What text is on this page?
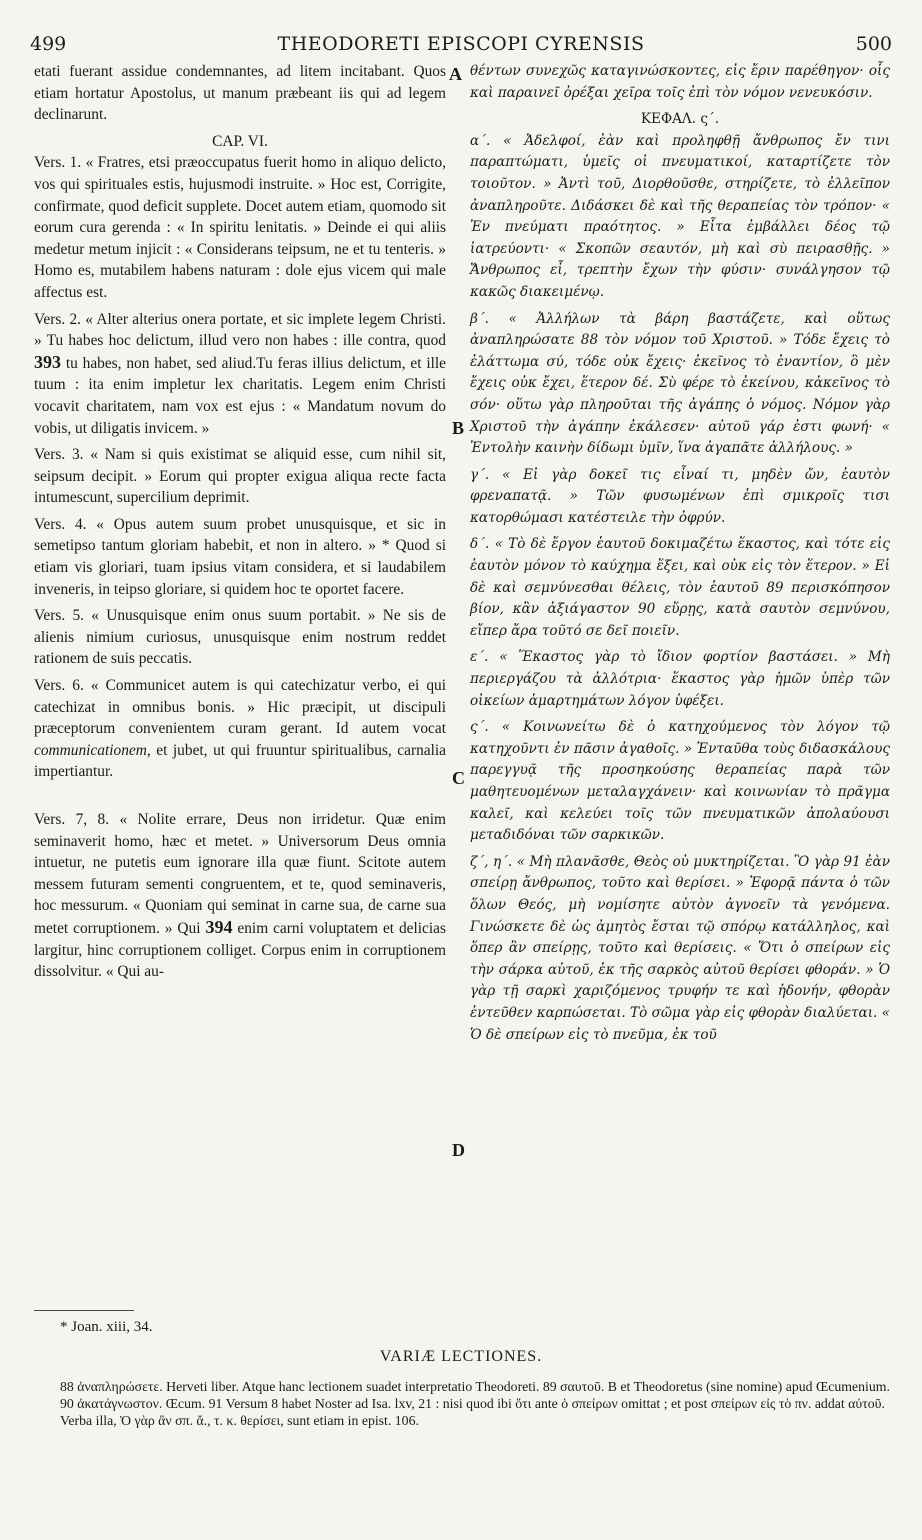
499	THEODORETI EPISCOPI CYRENSIS	500
A
B
C
D

etati fuerant assidue condemnantes, ad litem incitabant. Quos etiam hortatur Apostolus, ut manum præbeant iis qui ad legem declinarunt.

CAP. VI.

Vers. 1. « Fratres, etsi præoccupatus fuerit homo in aliquo delicto, vos qui spirituales estis, hujusmodi instruite. » Hoc est, Corrigite, confirmate, quod deficit supplete. Docet autem etiam, quomodo sit eorum cura gerenda : « In spiritu lenitatis. » Deinde ei qui aliis medetur metum injicit : « Considerans teipsum, ne et tu tenteris. » Homo es, mutabilem habens naturam : dole ejus vicem qui male affectus est.

Vers. 2. « Alter alterius onera portate, et sic implete legem Christi. » Tu habes hoc delictum, illud vero non habes : ille contra, quod 393 tu habes, non habet, sed aliud.Tu feras illius delictum, et ille tuum : ita enim impletur lex charitatis. Legem enim Christi vocavit charitatem, nam vox est ejus : « Mandatum novum do vobis, ut diligatis invicem. »

Vers. 3. « Nam si quis existimat se aliquid esse, cum nihil sit, seipsum decipit. » Eorum qui propter exigua aliqua recte facta intumescunt, supercilium deprimit.

Vers. 4. « Opus autem suum probet unusquisque, et sic in semetipso tantum gloriam habebit, et non in altero. » * Quod si etiam vis gloriari, tuam ipsius vitam considera, et si laudabilem inveneris, in teipso gloriare, si quidem hoc te oportet facere.

Vers. 5. « Unusquisque enim onus suum portabit. » Ne sis de alienis nimium curiosus, unusquisque enim nostrum reddet rationem de suis peccatis.

Vers. 6. « Communicet autem is qui catechizatur verbo, ei qui catechizat in omnibus bonis. » Hic præcipit, ut discipuli præceptorum convenientem curam gerant. Id autem vocat communicationem, et jubet, ut qui fruuntur spiritualibus, carnalia impertiantur.

Vers. 7, 8. « Nolite errare, Deus non irridetur. Quæ enim seminaverit homo, hæc et metet. » Universorum Deus omnia intuetur, ne putetis eum ignorare illa quæ fiunt. Scitote autem messem futuram sementi congruentem, et te, quod seminaveris, hoc messurum. « Quoniam qui seminat in carne sua, de carne sua metet corruptionem. » Qui 394 enim carni voluptatem et delicias largitur, hinc corruptionem colliget. Corpus enim in corruptionem dissolvitur. « Qui au-

θέντων συνεχῶς καταγινώσκοντες, εἰς ἔριν παρέθηγον· οἷς καὶ παραινεῖ ὀρέξαι χεῖρα τοῖς ἐπὶ τὸν νόμον νενευκόσιν.

ΚΕΦΑΛ. ς΄.

α΄. « Ἀδελφοί, ἐὰν καὶ προληφθῇ ἄνθρωπος ἔν τινι παραπτώματι, ὑμεῖς οἱ πνευματικοί, καταρτίζετε τὸν τοιοῦτον. » Ἀντὶ τοῦ, Διορθοῦσθε, στηρίζετε, τὸ ἐλλεῖπον ἀναπληροῦτε. Διδάσκει δὲ καὶ τῆς θεραπείας τὸν τρόπον· « Ἐν πνεύματι πραότητος. » Εἶτα ἐμβάλλει δέος τῷ ἰατρεύοντι· « Σκοπῶν σεαυτόν, μὴ καὶ σὺ πειρασθῇς. » Ἄνθρωπος εἶ, τρεπτὴν ἔχων τὴν φύσιν· συνάλγησον τῷ κακῶς διακειμένῳ.

β΄. « Ἀλλήλων τὰ βάρη βαστάζετε, καὶ οὕτως ἀναπληρώσατε 88 τὸν νόμον τοῦ Χριστοῦ. » Τόδε ἔχεις τὸ ἐλάττωμα σύ, τόδε οὐκ ἔχεις· ἐκεῖνος τὸ ἐναντίον, ὃ μὲν ἔχεις οὐκ ἔχει, ἕτερον δέ. Σὺ φέρε τὸ ἐκείνου, κἀκεῖνος τὸ σόν· οὕτω γὰρ πληροῦται τῆς ἀγάπης ὁ νόμος. Νόμον γὰρ Χριστοῦ τὴν ἀγάπην ἐκάλεσεν· αὐτοῦ γάρ ἐστι φωνή· « Ἐντολὴν καινὴν δίδωμι ὑμῖν, ἵνα ἀγαπᾶτε ἀλλήλους. »

γ΄. « Εἰ γὰρ δοκεῖ τις εἶναί τι, μηδὲν ὤν, ἑαυτὸν φρεναπατᾷ. » Τῶν φυσωμένων ἐπὶ σμικροῖς τισι κατορθώμασι κατέστειλε τὴν ὀφρύν.

δ΄. « Τὸ δὲ ἔργον ἑαυτοῦ δοκιμαζέτω ἕκαστος, καὶ τότε εἰς ἑαυτὸν μόνον τὸ καύχημα ἕξει, καὶ οὐκ εἰς τὸν ἕτερον. » Εἰ δὲ καὶ σεμνύνεσθαι θέλεις, τὸν ἑαυτοῦ 89 περισκόπησον βίον, κἂν ἀξιάγαστον 90 εὕρῃς, κατὰ σαυτὸν σεμνύνου, εἴπερ ἄρα τοῦτό σε δεῖ ποιεῖν.

ε΄. « Ἕκαστος γὰρ τὸ ἴδιον φορτίον βαστάσει. » Μὴ περιεργάζου τὰ ἀλλότρια· ἕκαστος γὰρ ἡμῶν ὑπὲρ τῶν οἰκείων ἁμαρτημάτων λόγον ὑφέξει.

ς΄. « Κοινωνείτω δὲ ὁ κατηχούμενος τὸν λόγον τῷ κατηχοῦντι ἐν πᾶσιν ἀγαθοῖς. » Ἐνταῦθα τοὺς διδασκάλους παρεγγυᾷ τῆς προσηκούσης θεραπείας παρὰ τῶν μαθητευομένων μεταλαγχάνειν· καὶ κοινωνίαν τὸ πρᾶγμα καλεῖ, καὶ κελεύει τοῖς τῶν πνευματικῶν ἀπολαύουσι μεταδιδόναι τῶν σαρκικῶν.

ζ΄, η΄. « Μὴ πλανᾶσθε, Θεὸς οὐ μυκτηρίζεται. Ὃ γὰρ 91 ἐὰν σπείρῃ ἄνθρωπος, τοῦτο καὶ θερίσει. » Ἐφορᾷ πάντα ὁ τῶν ὅλων Θεός, μὴ νομίσητε αὐτὸν ἀγνοεῖν τὰ γενόμενα. Γινώσκετε δὲ ὡς ἀμητὸς ἔσται τῷ σπόρῳ κατάλληλος, καὶ ὅπερ ἂν σπείρῃς, τοῦτο καὶ θερίσεις. « Ὅτι ὁ σπείρων εἰς τὴν σάρκα αὐτοῦ, ἐκ τῆς σαρκὸς αὐτοῦ θερίσει φθοράν. » Ὁ γὰρ τῇ σαρκὶ χαριζόμενος τρυφήν τε καὶ ἡδονήν, φθορὰν ἐντεῦθεν καρπώσεται. Τὸ σῶμα γὰρ εἰς φθορὰν διαλύεται. « Ὁ δὲ σπείρων εἰς τὸ πνεῦμα, ἐκ τοῦ

* Joan. xiii, 34.
VARIÆ LECTIONES.

88 ἀναπληρώσετε. Herveti liber. Atque hanc lectionem suadet interpretatio Theodoreti. 89 σαυτοῦ. B et Theodoretus (sine nomine) apud Œcumenium. 90 ἀκατάγνωστον. Œcum. 91 Versum 8 habet Noster ad Isa. lxv, 21 : nisi quod ibi ὅτι ante ὁ σπείρων omittat ; et post σπείρων εἰς τὸ πν. addat αὐτοῦ. Verba illa, Ὁ γὰρ ἂν σπ. ἄ., τ. κ. θερίσει, sunt etiam in epist. 106.
